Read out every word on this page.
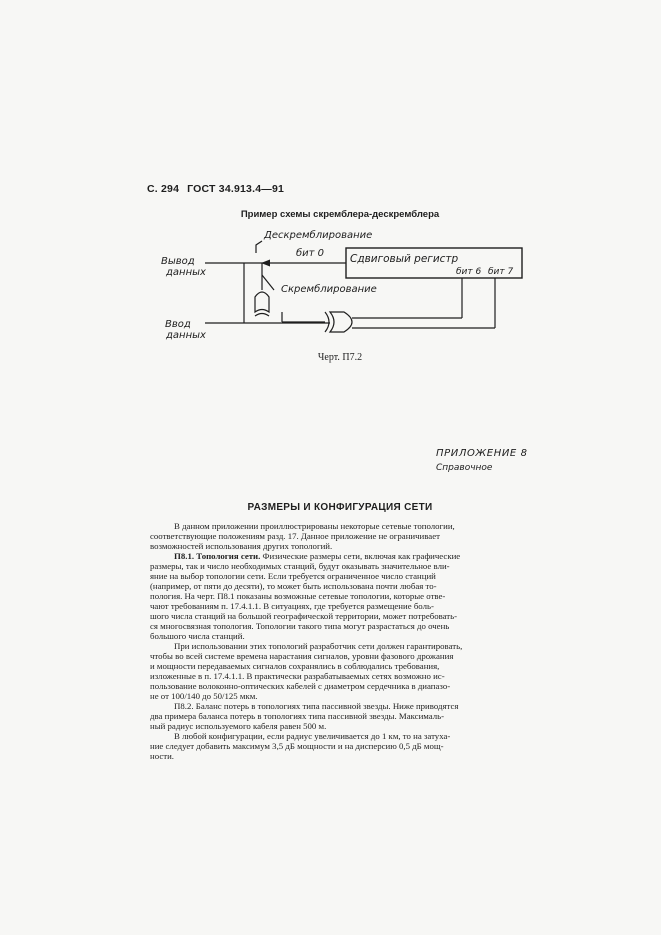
С. 294 ГОСТ 34.913.4—91
Пример схемы скремблера-дескремблера
Дескремблирование
Вывод
данных
бит 0 Сдвиговый регистр
бит 6 бит 7
Скремблирование
Ввод
данных
Черт. П7.2
ПРИЛОЖЕНИЕ 8
Справочное
РАЗМЕРЫ И КОНФИГУРАЦИЯ СЕТИ
В данном приложении проиллюстрированы некоторые сетевые топологии,
соответствующие положениям разд. 17. Данное приложение не ограничивает
возможностей использования других топологий.
П8.1. Топология сети. Физические размеры сети, включая как графические
размеры, так и число необходимых станций, будут оказывать значительное вли-
яние на выбор топологии сети. Если требуется ограниченное число станций
(например, от пяти до десяти), то может быть использована почти любая то-
пология. На черт. П8.1 показаны возможные сетевые топологии, которые отве-
чают требованиям п. 17.4.1.1. В ситуациях, где требуется размещение боль-
шого числа станций на большой географической территории, может потребовать-
ся многосвязная топология. Топологии такого типа могут разрастаться до очень
большого числа станций.
При использовании этих топологий разработчик сети должен гарантировать,
чтобы во всей системе времена нарастания сигналов, уровни фазового дрожания
и мощности передаваемых сигналов сохранялись в соблюдались требования,
изложенные в п. 17.4.1.1. В практически разрабатываемых сетях возможно ис-
пользование волоконно-оптических кабелей с диаметром сердечника в диапазо-
не от 100/140 до 50/125 мкм.
П8.2. Баланс потерь в топологиях типа пассивной звезды. Ниже приводятся
два примера баланса потерь в топологиях типа пассивной звезды. Максималь-
ный радиус используемого кабеля равен 500 м.
В любой конфигурации, если радиус увеличивается до 1 км, то на затуха-
ние следует добавить максимум 3,5 дБ мощности и на дисперсию 0,5 дБ мощ-
ности.
